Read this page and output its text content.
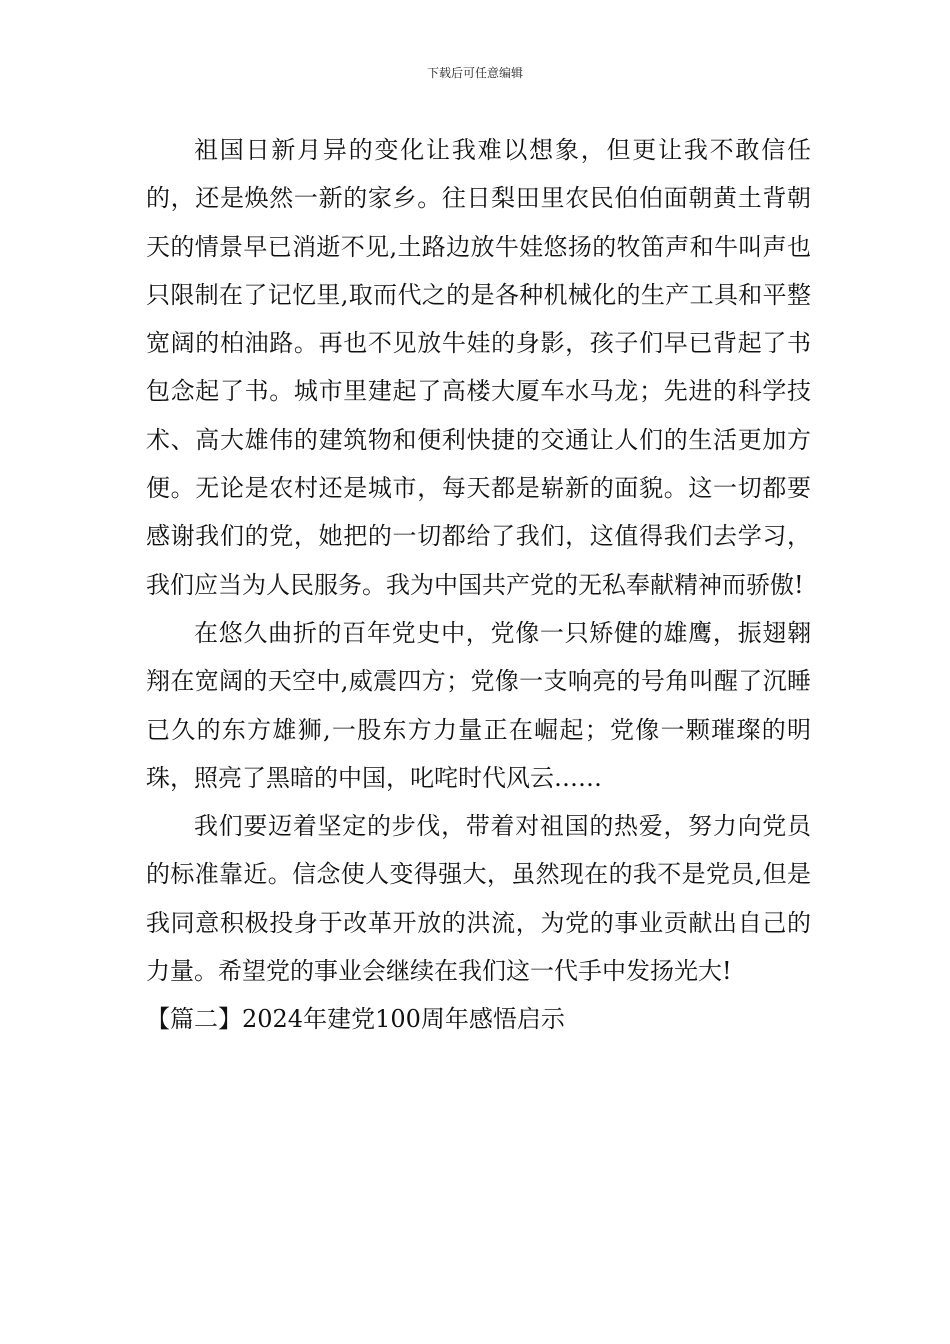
下载后可任意编辑

祖国日新月异的变化让我难以想象，但更让我不敢信任的，还是焕然一新的家乡。往日梨田里农民伯伯面朝黄土背朝天的情景早已消逝不见,土路边放牛娃悠扬的牧笛声和牛叫声也只限制在了记忆里,取而代之的是各种机械化的生产工具和平整宽阔的柏油路。再也不见放牛娃的身影，孩子们早已背起了书包念起了书。城市里建起了高楼大厦车水马龙；先进的科学技术、高大雄伟的建筑物和便利快捷的交通让人们的生活更加方便。无论是农村还是城市，每天都是崭新的面貌。这一切都要感谢我们的党，她把的一切都给了我们，这值得我们去学习，我们应当为人民服务。我为中国共产党的无私奉献精神而骄傲!

在悠久曲折的百年党史中，党像一只矫健的雄鹰，振翅翱翔在宽阔的天空中,威震四方；党像一支响亮的号角叫醒了沉睡已久的东方雄狮,一股东方力量正在崛起；党像一颗璀璨的明珠，照亮了黑暗的中国，叱咤时代风云……

我们要迈着坚定的步伐，带着对祖国的热爱，努力向党员的标准靠近。信念使人变得强大，虽然现在的我不是党员,但是我同意积极投身于改革开放的洪流，为党的事业贡献出自己的力量。希望党的事业会继续在我们这一代手中发扬光大!

【篇二】2024年建党100周年感悟启示
